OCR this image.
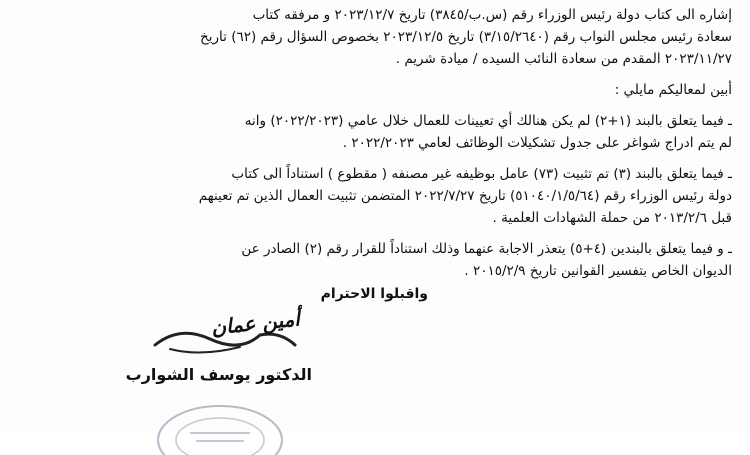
إشاره الى كتاب دولة رئيس الوزراء رقم (س.ب/٣٨٤٥) تاريخ ٢٠٢٣/١٢/٧ و مرفقه كتاب
سعادة رئيس مجلس النواب رقم (٣/١٥/٢٦٤٠) تاريخ ٢٠٢٣/١٢/٥ بخصوص السؤال رقم (٦٢) تاريخ
٢٠٢٣/١١/٢٧ المقدم من سعادة النائب السيده / ميادة شريم .
أبين لمعاليكم مايلي :
ـ فيما يتعلق بالبند (١+٢) لم يكن هنالك أي تعيينات للعمال خلال عامي (٢٠٢٢/٢٠٢٣) وانه
لم يتم ادراج شواغر على جدول تشكيلات الوظائف لعامي ٢٠٢٢/٢٠٢٣ .
ـ فيما يتعلق بالبند (٣) تم تثبيت (٧٣) عامل بوظيفه غير مصنفه ( مقطوع ) استناداً الى كتاب
دولة رئيس الوزراء رقم (٥١٠٤٠/١/٥/٦٤) تاريخ ٢٠٢٢/٧/٢٧ المتضمن تثبيت العمال الذين تم تعينهم
قبل ٢٠١٣/٢/٦ من حملة الشهادات العلمية .
ـ و فيما يتعلق بالبندين (٤+٥) يتعذر الاجابة عنهما وذلك استناداً للقرار رقم (٢) الصادر عن
الديوان الخاص بتفسير القوانين تاريخ ٢٠١٥/٢/٩ .
واقبلوا الاحترام
أمين عمان
الدكتور يوسف الشوارب
